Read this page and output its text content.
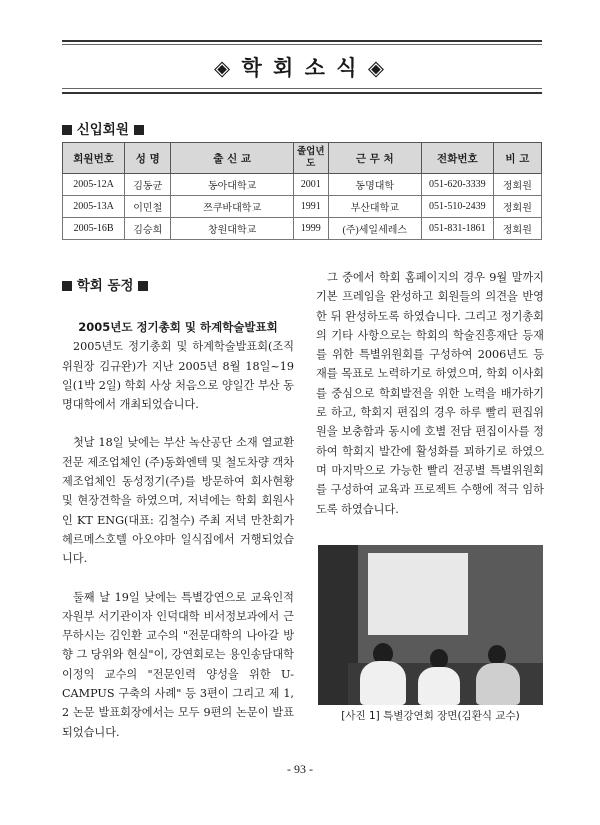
◈ 학 회 소 식 ◈
신입회원
회원번호	성 명	출 신 교	졸업년도	근 무 처	전화번호	비 고
2005-12A	김동균	동아대학교	2001	동명대학	051-620-3339	정회원
2005-13A	이민철	쯔쿠바대학교	1991	부산대학교	051-510-2439	정회원
2005-16B	김승희	창원대학교	1999	(주)세일세레스	051-831-1861	정회원
학회 동정

2005년도 정기총회 및 하계학술발표회

2005년도 정기총회 및 하계학술발표회(조직위원장 김규완)가 지난 2005년 8월 18일~19일(1박 2일) 학회 사상 처음으로 양일간 부산 동명대학에서 개최되었습니다.

첫날 18일 낮에는 부산 녹산공단 소재 열교환 전문 제조업체인 (주)동화엔텍 및 철도차량 객차 제조업체인 동성정기(주)를 방문하여 회사현황 및 현장견학을 하였으며, 저녁에는 학회 회원사인 KT ENG(대표: 김철수) 주최 저녁 만찬회가 헤르메스호텔 아오야마 일식집에서 거행되었습니다.

둘째 날 19일 낮에는 특별강연으로 교육인적자원부 서기관이자 인덕대학 비서정보과에서 근무하시는 김인환 교수의 "전문대학의 나아갈 방향 그 당위와 현실"이, 강연회로는 용인송담대학 이정익 교수의 "전문인력 양성을 위한 U-CAMPUS 구축의 사례" 등 3편이 그리고 제 1, 2 논문 발표회장에서는 모두 9편의 논문이 발표되었습니다.

그 중에서 학회 홈페이지의 경우 9월 말까지 기본 프레임을 완성하고 회원들의 의견을 반영한 뒤 완성하도록 하였습니다. 그리고 정기총회의 기타 사항으로는 학회의 학술진흥재단 등재를 위한 특별위원회를 구성하여 2006년도 등재를 목표로 노력하기로 하였으며, 학회 이사회를 중심으로 학회발전을 위한 노력을 배가하기로 하고, 학회지 편집의 경우 하루 빨리 편집위원을 보충함과 동시에 호별 전담 편집이사를 정하여 학회지 발간에 활성화를 꾀하기로 하였으며 마지막으로 가능한 빨리 전공별 특별위원회를 구성하여 교육과 프로젝트 수행에 적극 임하도록 하였습니다.

[사진 1] 특별강연회 장면(김환식 교수)
- 93 -
